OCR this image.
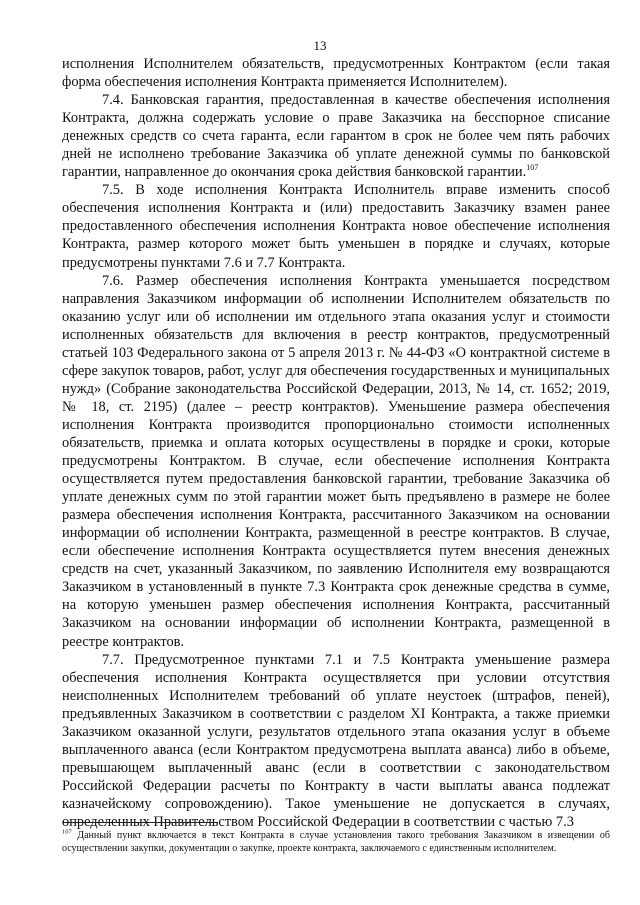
13

исполнения Исполнителем обязательств, предусмотренных Контрактом (если такая форма обеспечения исполнения Контракта применяется Исполнителем).

7.4. Банковская гарантия, предоставленная в качестве обеспечения исполнения Контракта, должна содержать условие о праве Заказчика на бесспорное списание денежных средств со счета гаранта, если гарантом в срок не более чем пять рабочих дней не исполнено требование Заказчика об уплате денежной суммы по банковской гарантии, направленное до окончания срока действия банковской гарантии.$^{107}$

7.5. В ходе исполнения Контракта Исполнитель вправе изменить способ обеспечения исполнения Контракта и (или) предоставить Заказчику взамен ранее предоставленного обеспечения исполнения Контракта новое обеспечение исполнения Контракта, размер которого может быть уменьшен в порядке и случаях, которые предусмотрены пунктами 7.6 и 7.7 Контракта.

7.6. Размер обеспечения исполнения Контракта уменьшается посредством направления Заказчиком информации об исполнении Исполнителем обязательств по оказанию услуг или об исполнении им отдельного этапа оказания услуг и стоимости исполненных обязательств для включения в реестр контрактов, предусмотренный статьей 103 Федерального закона от 5 апреля 2013 г. № 44-ФЗ «О контрактной системе в сфере закупок товаров, работ, услуг для обеспечения государственных и муниципальных нужд» (Собрание законодательства Российской Федерации, 2013, № 14, ст. 1652; 2019, № 18, ст. 2195) (далее – реестр контрактов). Уменьшение размера обеспечения исполнения Контракта производится пропорционально стоимости исполненных обязательств, приемка и оплата которых осуществлены в порядке и сроки, которые предусмотрены Контрактом. В случае, если обеспечение исполнения Контракта осуществляется путем предоставления банковской гарантии, требование Заказчика об уплате денежных сумм по этой гарантии может быть предъявлено в размере не более размера обеспечения исполнения Контракта, рассчитанного Заказчиком на основании информации об исполнении Контракта, размещенной в реестре контрактов. В случае, если обеспечение исполнения Контракта осуществляется путем внесения денежных средств на счет, указанный Заказчиком, по заявлению Исполнителя ему возвращаются Заказчиком в установленный в пункте 7.3 Контракта срок денежные средства в сумме, на которую уменьшен размер обеспечения исполнения Контракта, рассчитанный Заказчиком на основании информации об исполнении Контракта, размещенной в реестре контрактов.

7.7. Предусмотренное пунктами 7.1 и 7.5 Контракта уменьшение размера обеспечения исполнения Контракта осуществляется при условии отсутствия неисполненных Исполнителем требований об уплате неустоек (штрафов, пеней), предъявленных Заказчиком в соответствии с разделом XI Контракта, а также приемки Заказчиком оказанной услуги, результатов отдельного этапа оказания услуг в объеме выплаченного аванса (если Контрактом предусмотрена выплата аванса) либо в объеме, превышающем выплаченный аванс (если в соответствии с законодательством Российской Федерации расчеты по Контракту в части выплаты аванса подлежат казначейскому сопровождению). Такое уменьшение не допускается в случаях, определенных Правительством Российской Федерации в соответствии с частью 7.3

$^{107}$ Данный пункт включается в текст Контракта в случае установления такого требования Заказчиком в извещении об осуществлении закупки, документации о закупке, проекте контракта, заключаемого с единственным исполнителем.
